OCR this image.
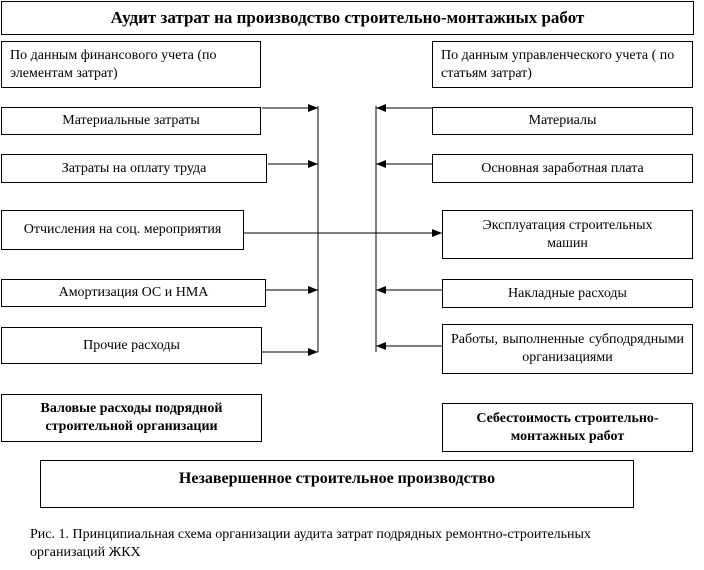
Аудит затрат на производство строительно-монтажных работ
По данным финансового учета (по элементам затрат)
По данным управленческого учета ( по статьям затрат)
Материальные затраты
Затраты на оплату труда
Отчисления на соц. мероприятия
Амортизация ОС и НМА
Прочие расходы
Материалы
Основная заработная плата
Эксплуатация строительных машин
Накладные расходы
Работы, выполненные субподрядными организациями
Валовые расходы подрядной строительной организации
Себестоимость строительно-монтажных работ
Незавершенное строительное производство
Рис. 1. Принципиальная схема организации аудита затрат подрядных ремонтно-строительных организаций ЖКХ
